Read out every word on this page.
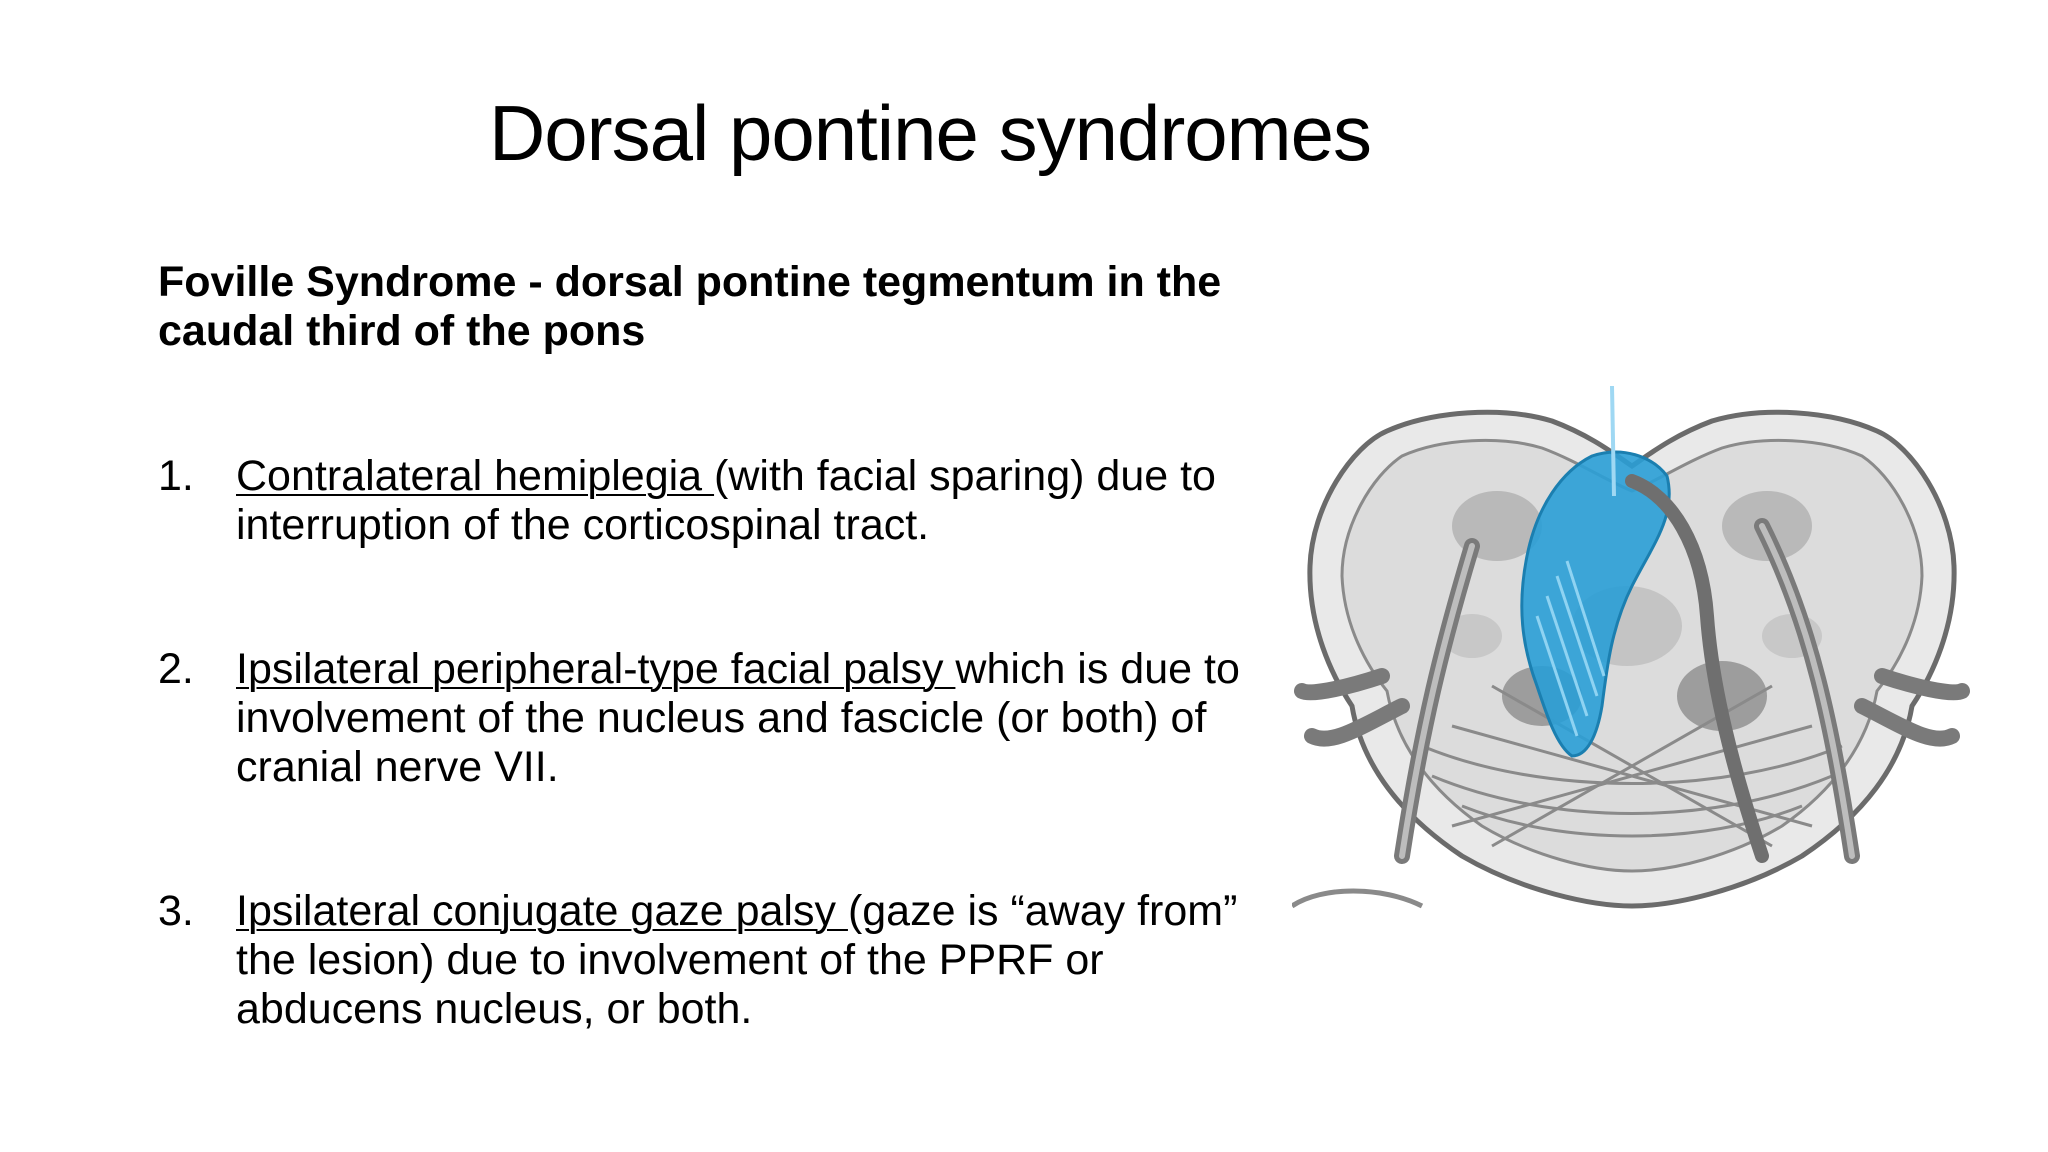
Dorsal pontine syndromes

Foville Syndrome - dorsal pontine tegmentum in the caudal third of the pons

1. Contralateral hemiplegia (with facial sparing) due to interruption of the corticospinal tract.
2. Ipsilateral peripheral-type facial palsy which is due to involvement of the nucleus and fascicle (or both) of cranial nerve VII.
3. Ipsilateral conjugate gaze palsy (gaze is “away from” the lesion) due to involvement of the PPRF or abducens nucleus, or both.
